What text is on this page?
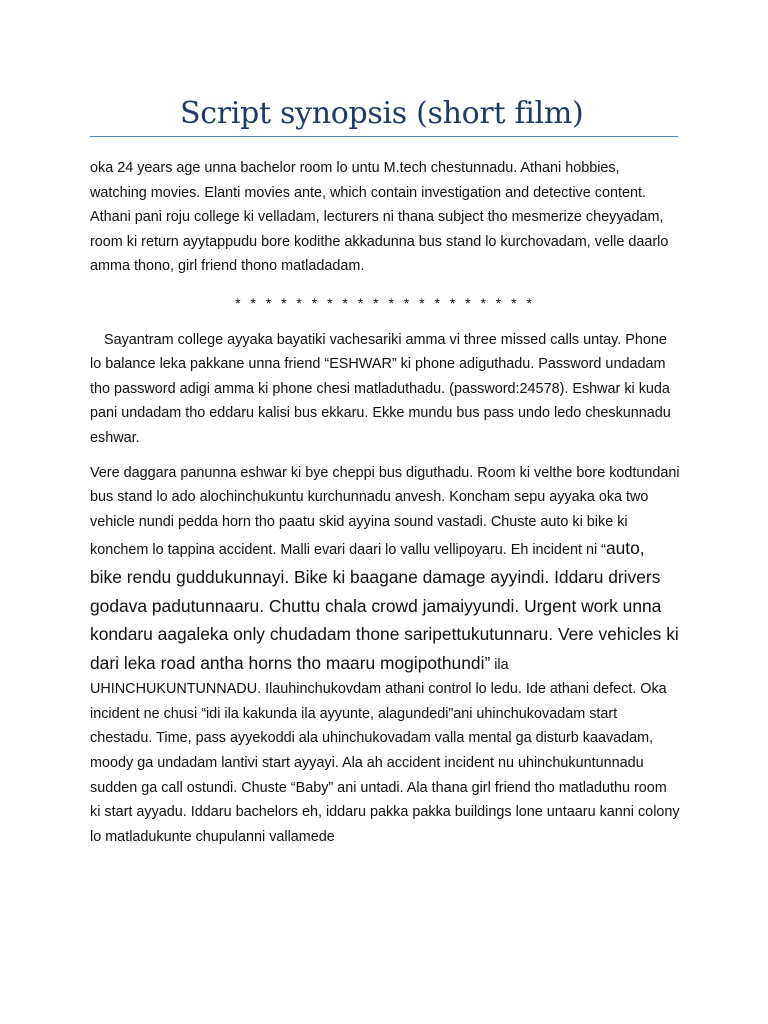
Script synopsis (short film)

oka 24 years age unna bachelor room lo untu M.tech chestunnadu. Athani hobbies, watching movies. Elanti movies ante, which contain investigation and detective content. Athani pani roju college ki velladam, lecturers ni thana subject tho mesmerize cheyyadam, room ki return ayytappudu bore kodithe akkadunna bus stand lo kurchovadam, velle daarlo amma thono, girl friend thono matladadam.

* * * * * * * * * * * * * * * * * * * *

Sayantram college ayyaka bayatiki vachesariki amma vi three missed calls untay. Phone lo balance leka pakkane unna friend “ESHWAR” ki phone adiguthadu. Password undadam tho password adigi amma ki phone chesi matladuthadu. (password:24578). Eshwar ki kuda pani undadam tho eddaru kalisi bus ekkaru. Ekke mundu bus pass undo ledo cheskunnadu eshwar.

Vere daggara panunna eshwar ki bye cheppi bus diguthadu. Room ki velthe bore kodtundani bus stand lo ado alochinchukuntu kurchunnadu anvesh. Koncham sepu ayyaka oka two vehicle nundi pedda horn tho paatu skid ayyina sound vastadi. Chuste auto ki bike ki konchem lo tappina accident. Malli evari daari lo vallu vellipoyaru. Eh incident ni “auto, bike rendu guddukunnayi. Bike ki baagane damage ayyindi. Iddaru drivers godava padutunnaaru. Chuttu chala crowd jamaiyyundi. Urgent work unna kondaru aagaleka only chudadam thone saripettukutunnaru. Vere vehicles ki dari leka road antha horns tho maaru mogipothundi” ila UHINCHUKUNTUNNADU. Ilauhinchukovdam athani control lo ledu. Ide athani defect. Oka incident ne chusi “idi ila kakunda ila ayyunte, alagundedi”ani uhinchukovadam start chestadu. Time, pass ayyekoddi ala uhinchukovadam valla mental ga disturb kaavadam, moody ga undadam lantivi start ayyayi. Ala ah accident incident nu uhinchukuntunnadu sudden ga call ostundi. Chuste “Baby” ani untadi. Ala thana girl friend tho matladuthu room ki start ayyadu. Iddaru bachelors eh, iddaru pakka pakka buildings lone untaaru kanni colony lo matladukunte chupulanni vallamede
